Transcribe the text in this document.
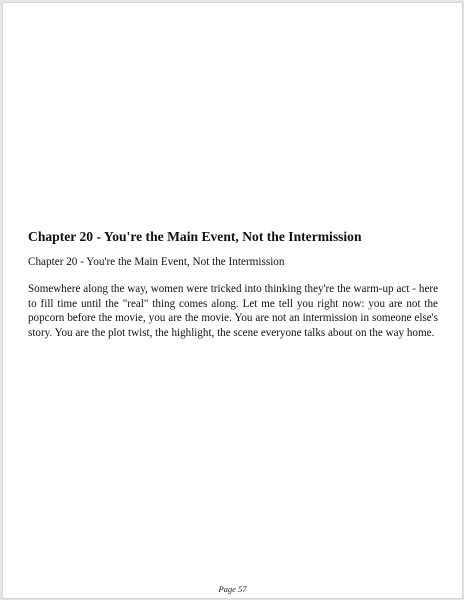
Chapter 20 - You're the Main Event, Not the Intermission

Chapter 20 - You're the Main Event, Not the Intermission

Somewhere along the way, women were tricked into thinking they're the warm-up act - here to fill time until the "real" thing comes along. Let me tell you right now: you are not the popcorn before the movie, you are the movie. You are not an intermission in someone else's story. You are the plot twist, the highlight, the scene everyone talks about on the way home.

Page 57
